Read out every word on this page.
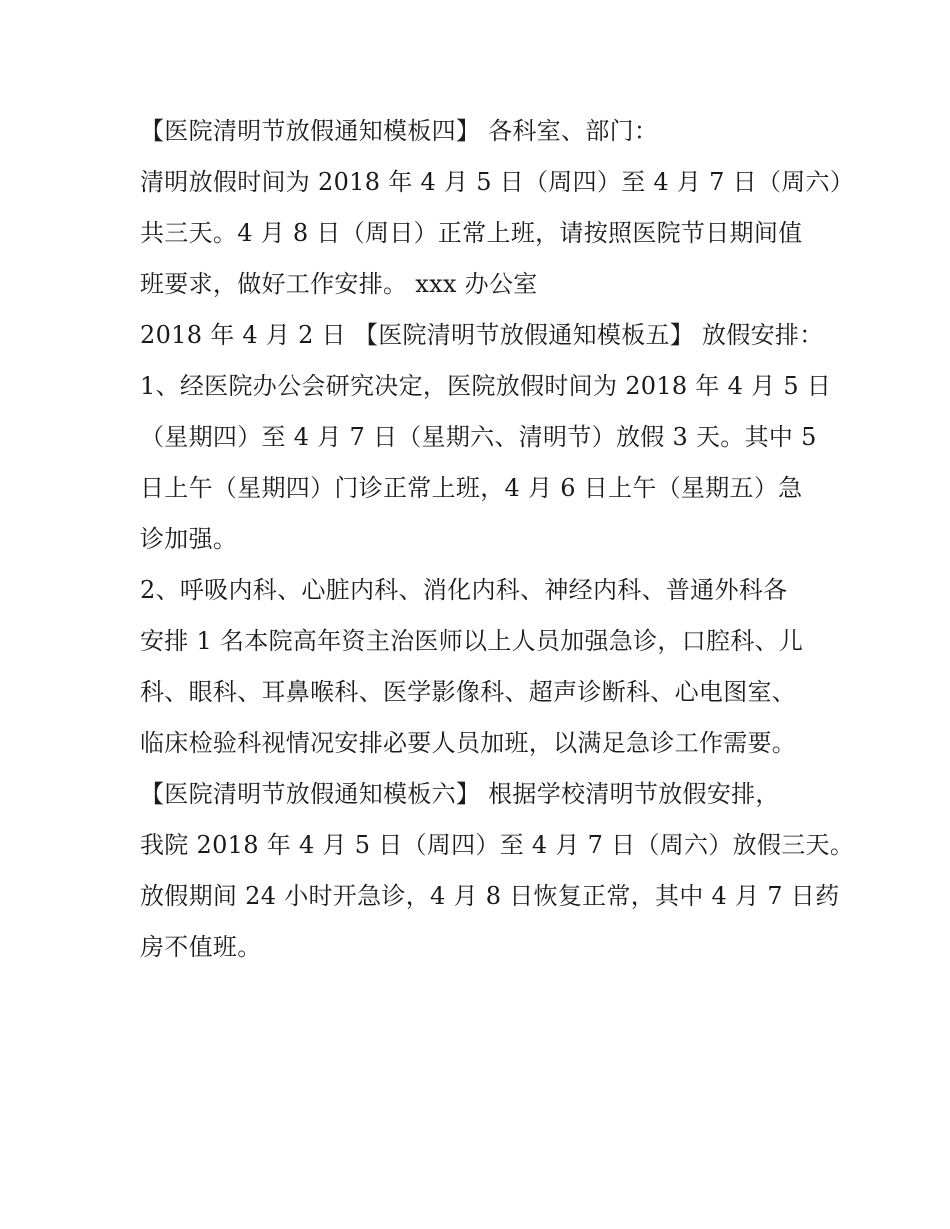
【医院清明节放假通知模板四】 各科室、部门：
清明放假时间为 2018 年 4 月 5 日（周四）至 4 月 7 日（周六）
共三天。4 月 8 日（周日）正常上班，请按照医院节日期间值
班要求，做好工作安排。 xxx 办公室
2018 年 4 月 2 日 【医院清明节放假通知模板五】 放假安排：
1、经医院办公会研究决定，医院放假时间为 2018 年 4 月 5 日
（星期四）至 4 月 7 日（星期六、清明节）放假 3 天。其中 5
日上午（星期四）门诊正常上班，4 月 6 日上午（星期五）急
诊加强。
2、呼吸内科、心脏内科、消化内科、神经内科、普通外科各
安排 1 名本院高年资主治医师以上人员加强急诊，口腔科、儿
科、眼科、耳鼻喉科、医学影像科、超声诊断科、心电图室、
临床检验科视情况安排必要人员加班，以满足急诊工作需要。
【医院清明节放假通知模板六】 根据学校清明节放假安排，
我院 2018 年 4 月 5 日（周四）至 4 月 7 日（周六）放假三天。
放假期间 24 小时开急诊，4 月 8 日恢复正常，其中 4 月 7 日药
房不值班。
